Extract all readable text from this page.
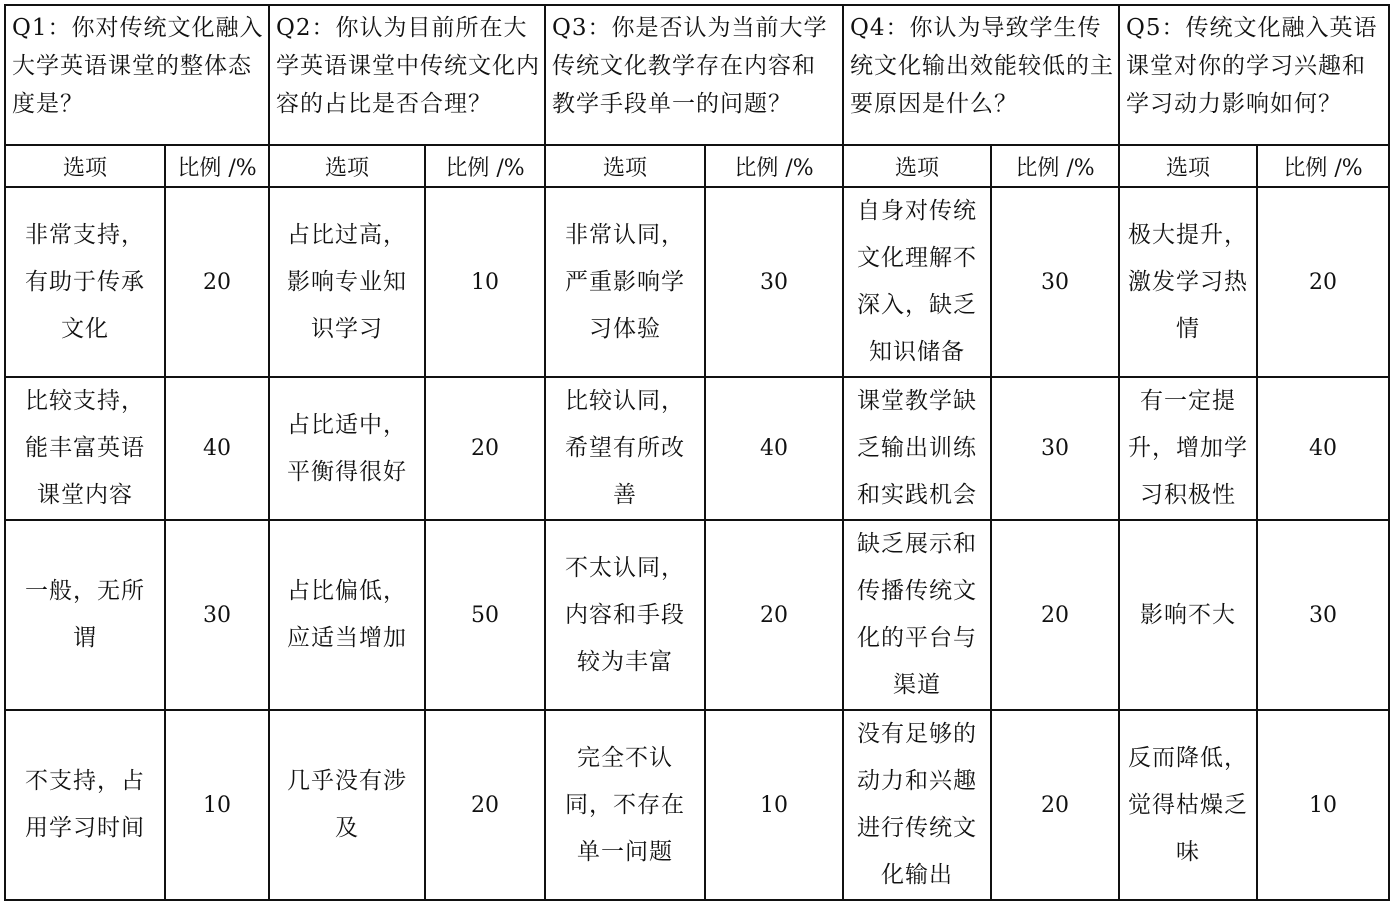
Q1：你对传统文化融入大学英语课堂的整体态度是？		Q2：你认为目前所在大学英语课堂中传统文化内容的占比是否合理？		Q3：你是否认为当前大学传统文化教学存在内容和教学手段单一的问题？		Q4：你认为导致学生传统文化输出效能较低的主要原因是什么？		Q5：传统文化融入英语课堂对你的学习兴趣和学习动力影响如何？	
选项	比例 /%	选项	比例 /%	选项	比例 /%	选项	比例 /%	选项	比例 /%
非常支持，有助于传承文化	20	占比过高，影响专业知识学习	10	非常认同，严重影响学习体验	30	自身对传统文化理解不深入，缺乏知识储备	30	极大提升，激发学习热情	20
比较支持，能丰富英语课堂内容	40	占比适中，平衡得很好	20	比较认同，希望有所改善	40	课堂教学缺乏输出训练和实践机会	30	有一定提升，增加学习积极性	40
一般，无所谓	30	占比偏低，应适当增加	50	不太认同，内容和手段较为丰富	20	缺乏展示和传播传统文化的平台与渠道	20	影响不大	30
不支持，占用学习时间	10	几乎没有涉及	20	完全不认同，不存在单一问题	10	没有足够的动力和兴趣进行传统文化输出	20	反而降低，觉得枯燥乏味	10
